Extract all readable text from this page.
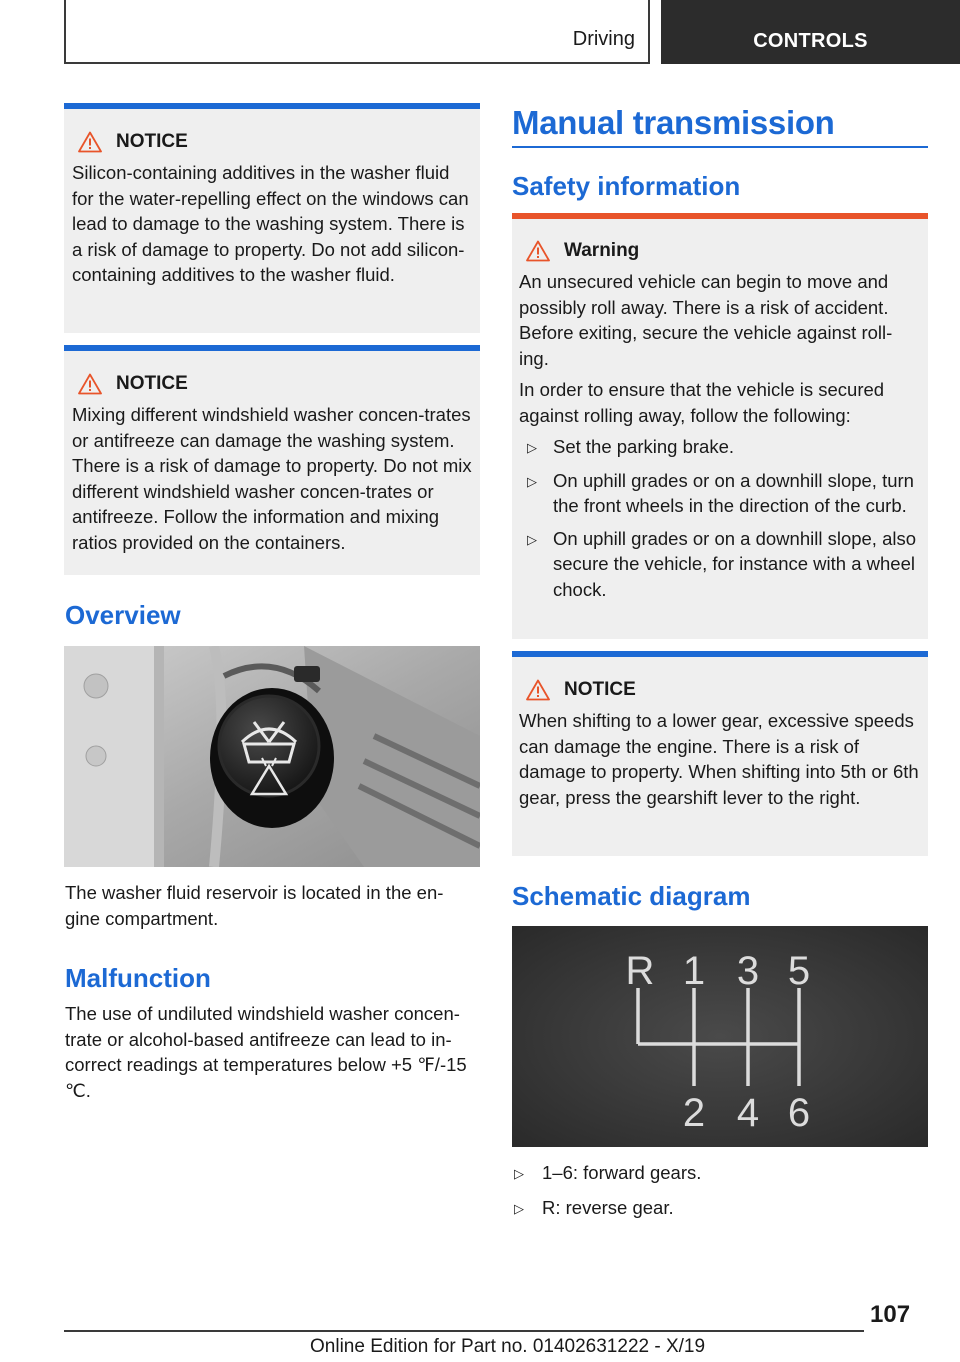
Driving	CONTROLS
NOTICE
Silicon-containing additives in the washer fluid for the water-repelling effect on the windows can lead to damage to the washing system. There is a risk of damage to property. Do not add silicon-containing additives to the washer fluid.
NOTICE
Mixing different windshield washer concen-trates or antifreeze can damage the washing system. There is a risk of damage to property. Do not mix different windshield washer concen-trates or antifreeze. Follow the information and mixing ratios provided on the containers.
Overview
The washer fluid reservoir is located in the en-gine compartment.
Malfunction
The use of undiluted windshield washer concen-trate or alcohol-based antifreeze can lead to in-correct readings at temperatures below +5 ℉/-15 ℃.
Manual transmission
Safety information
Warning

An unsecured vehicle can begin to move and possibly roll away. There is a risk of accident. Before exiting, secure the vehicle against roll-ing.

In order to ensure that the vehicle is secured against rolling away, follow the following:

▷ Set the parking brake.
▷ On uphill grades or on a downhill slope, turn the front wheels in the direction of the curb.
▷ On uphill grades or on a downhill slope, also secure the vehicle, for instance with a wheel chock.
NOTICE
When shifting to a lower gear, excessive speeds can damage the engine. There is a risk of damage to property. When shifting into 5th or 6th gear, press the gearshift lever to the right.
Schematic diagram
R 1 3 5
2 4 6
▷ 1–6: forward gears.
▷ R: reverse gear.
107
Online Edition for Part no. 01402631222 - X/19
